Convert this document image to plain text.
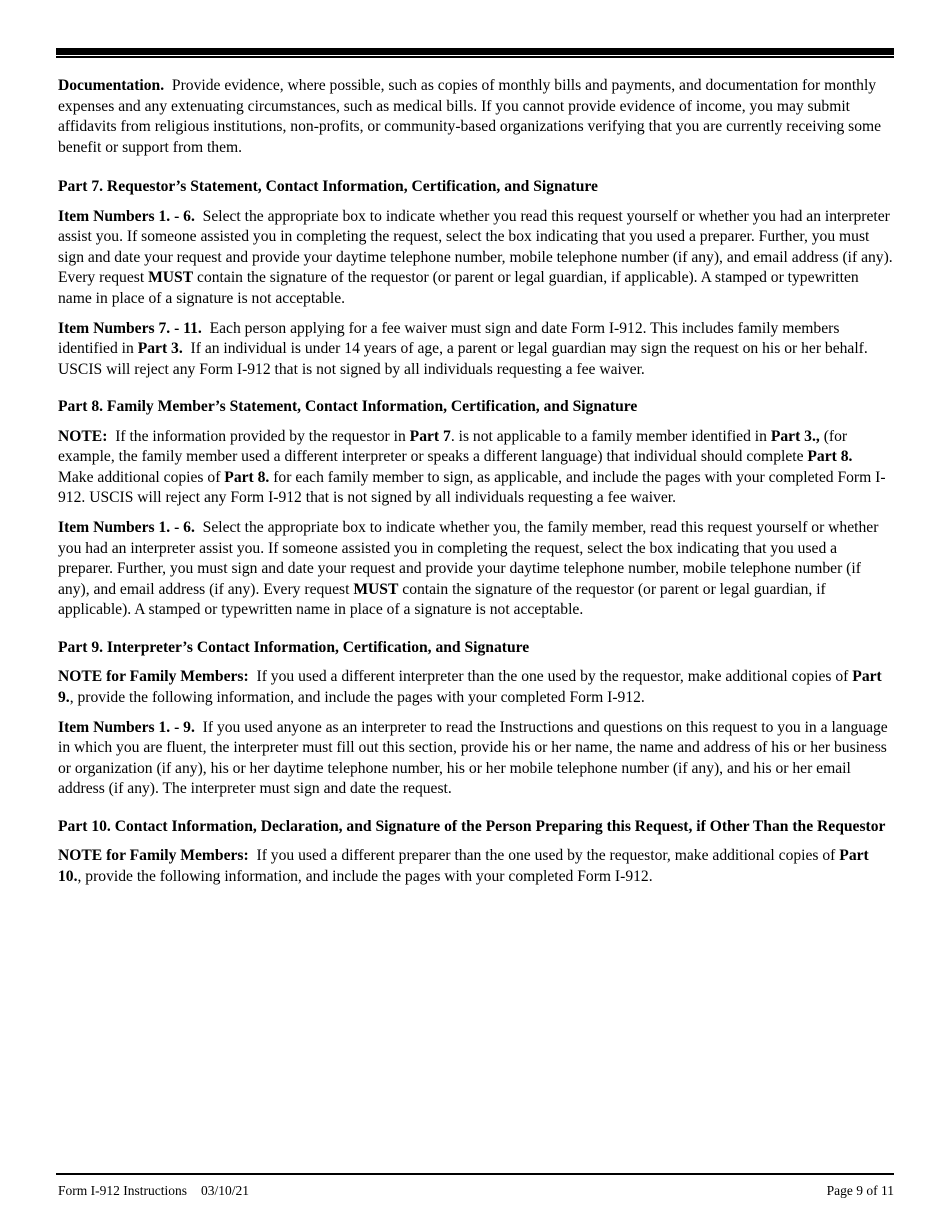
Documentation. Provide evidence, where possible, such as copies of monthly bills and payments, and documentation for monthly expenses and any extenuating circumstances, such as medical bills. If you cannot provide evidence of income, you may submit affidavits from religious institutions, non-profits, or community-based organizations verifying that you are currently receiving some benefit or support from them.

Part 7. Requestor’s Statement, Contact Information, Certification, and Signature

Item Numbers 1. - 6. Select the appropriate box to indicate whether you read this request yourself or whether you had an interpreter assist you. If someone assisted you in completing the request, select the box indicating that you used a preparer. Further, you must sign and date your request and provide your daytime telephone number, mobile telephone number (if any), and email address (if any). Every request MUST contain the signature of the requestor (or parent or legal guardian, if applicable). A stamped or typewritten name in place of a signature is not acceptable.

Item Numbers 7. - 11. Each person applying for a fee waiver must sign and date Form I-912. This includes family members identified in Part 3. If an individual is under 14 years of age, a parent or legal guardian may sign the request on his or her behalf. USCIS will reject any Form I-912 that is not signed by all individuals requesting a fee waiver.

Part 8. Family Member’s Statement, Contact Information, Certification, and Signature

NOTE: If the information provided by the requestor in Part 7. is not applicable to a family member identified in Part 3., (for example, the family member used a different interpreter or speaks a different language) that individual should complete Part 8.  Make additional copies of Part 8. for each family member to sign, as applicable, and include the pages with your completed Form I-912. USCIS will reject any Form I-912 that is not signed by all individuals requesting a fee waiver.

Item Numbers 1. - 6. Select the appropriate box to indicate whether you, the family member, read this request yourself or whether you had an interpreter assist you. If someone assisted you in completing the request, select the box indicating that you used a preparer. Further, you must sign and date your request and provide your daytime telephone number, mobile telephone number (if any), and email address (if any). Every request MUST contain the signature of the requestor (or parent or legal guardian, if applicable). A stamped or typewritten name in place of a signature is not acceptable.

Part 9. Interpreter’s Contact Information, Certification, and Signature

NOTE for Family Members: If you used a different interpreter than the one used by the requestor, make additional copies of Part 9., provide the following information, and include the pages with your completed Form I-912.

Item Numbers 1. - 9. If you used anyone as an interpreter to read the Instructions and questions on this request to you in a language in which you are fluent, the interpreter must fill out this section, provide his or her name, the name and address of his or her business or organization (if any), his or her daytime telephone number, his or her mobile telephone number (if any), and his or her email address (if any). The interpreter must sign and date the request.

Part 10. Contact Information, Declaration, and Signature of the Person Preparing this Request, if Other Than the Requestor

NOTE for Family Members: If you used a different preparer than the one used by the requestor, make additional copies of Part 10., provide the following information, and include the pages with your completed Form I-912.

Form I-912 Instructions 03/10/21	Page 9 of 11
